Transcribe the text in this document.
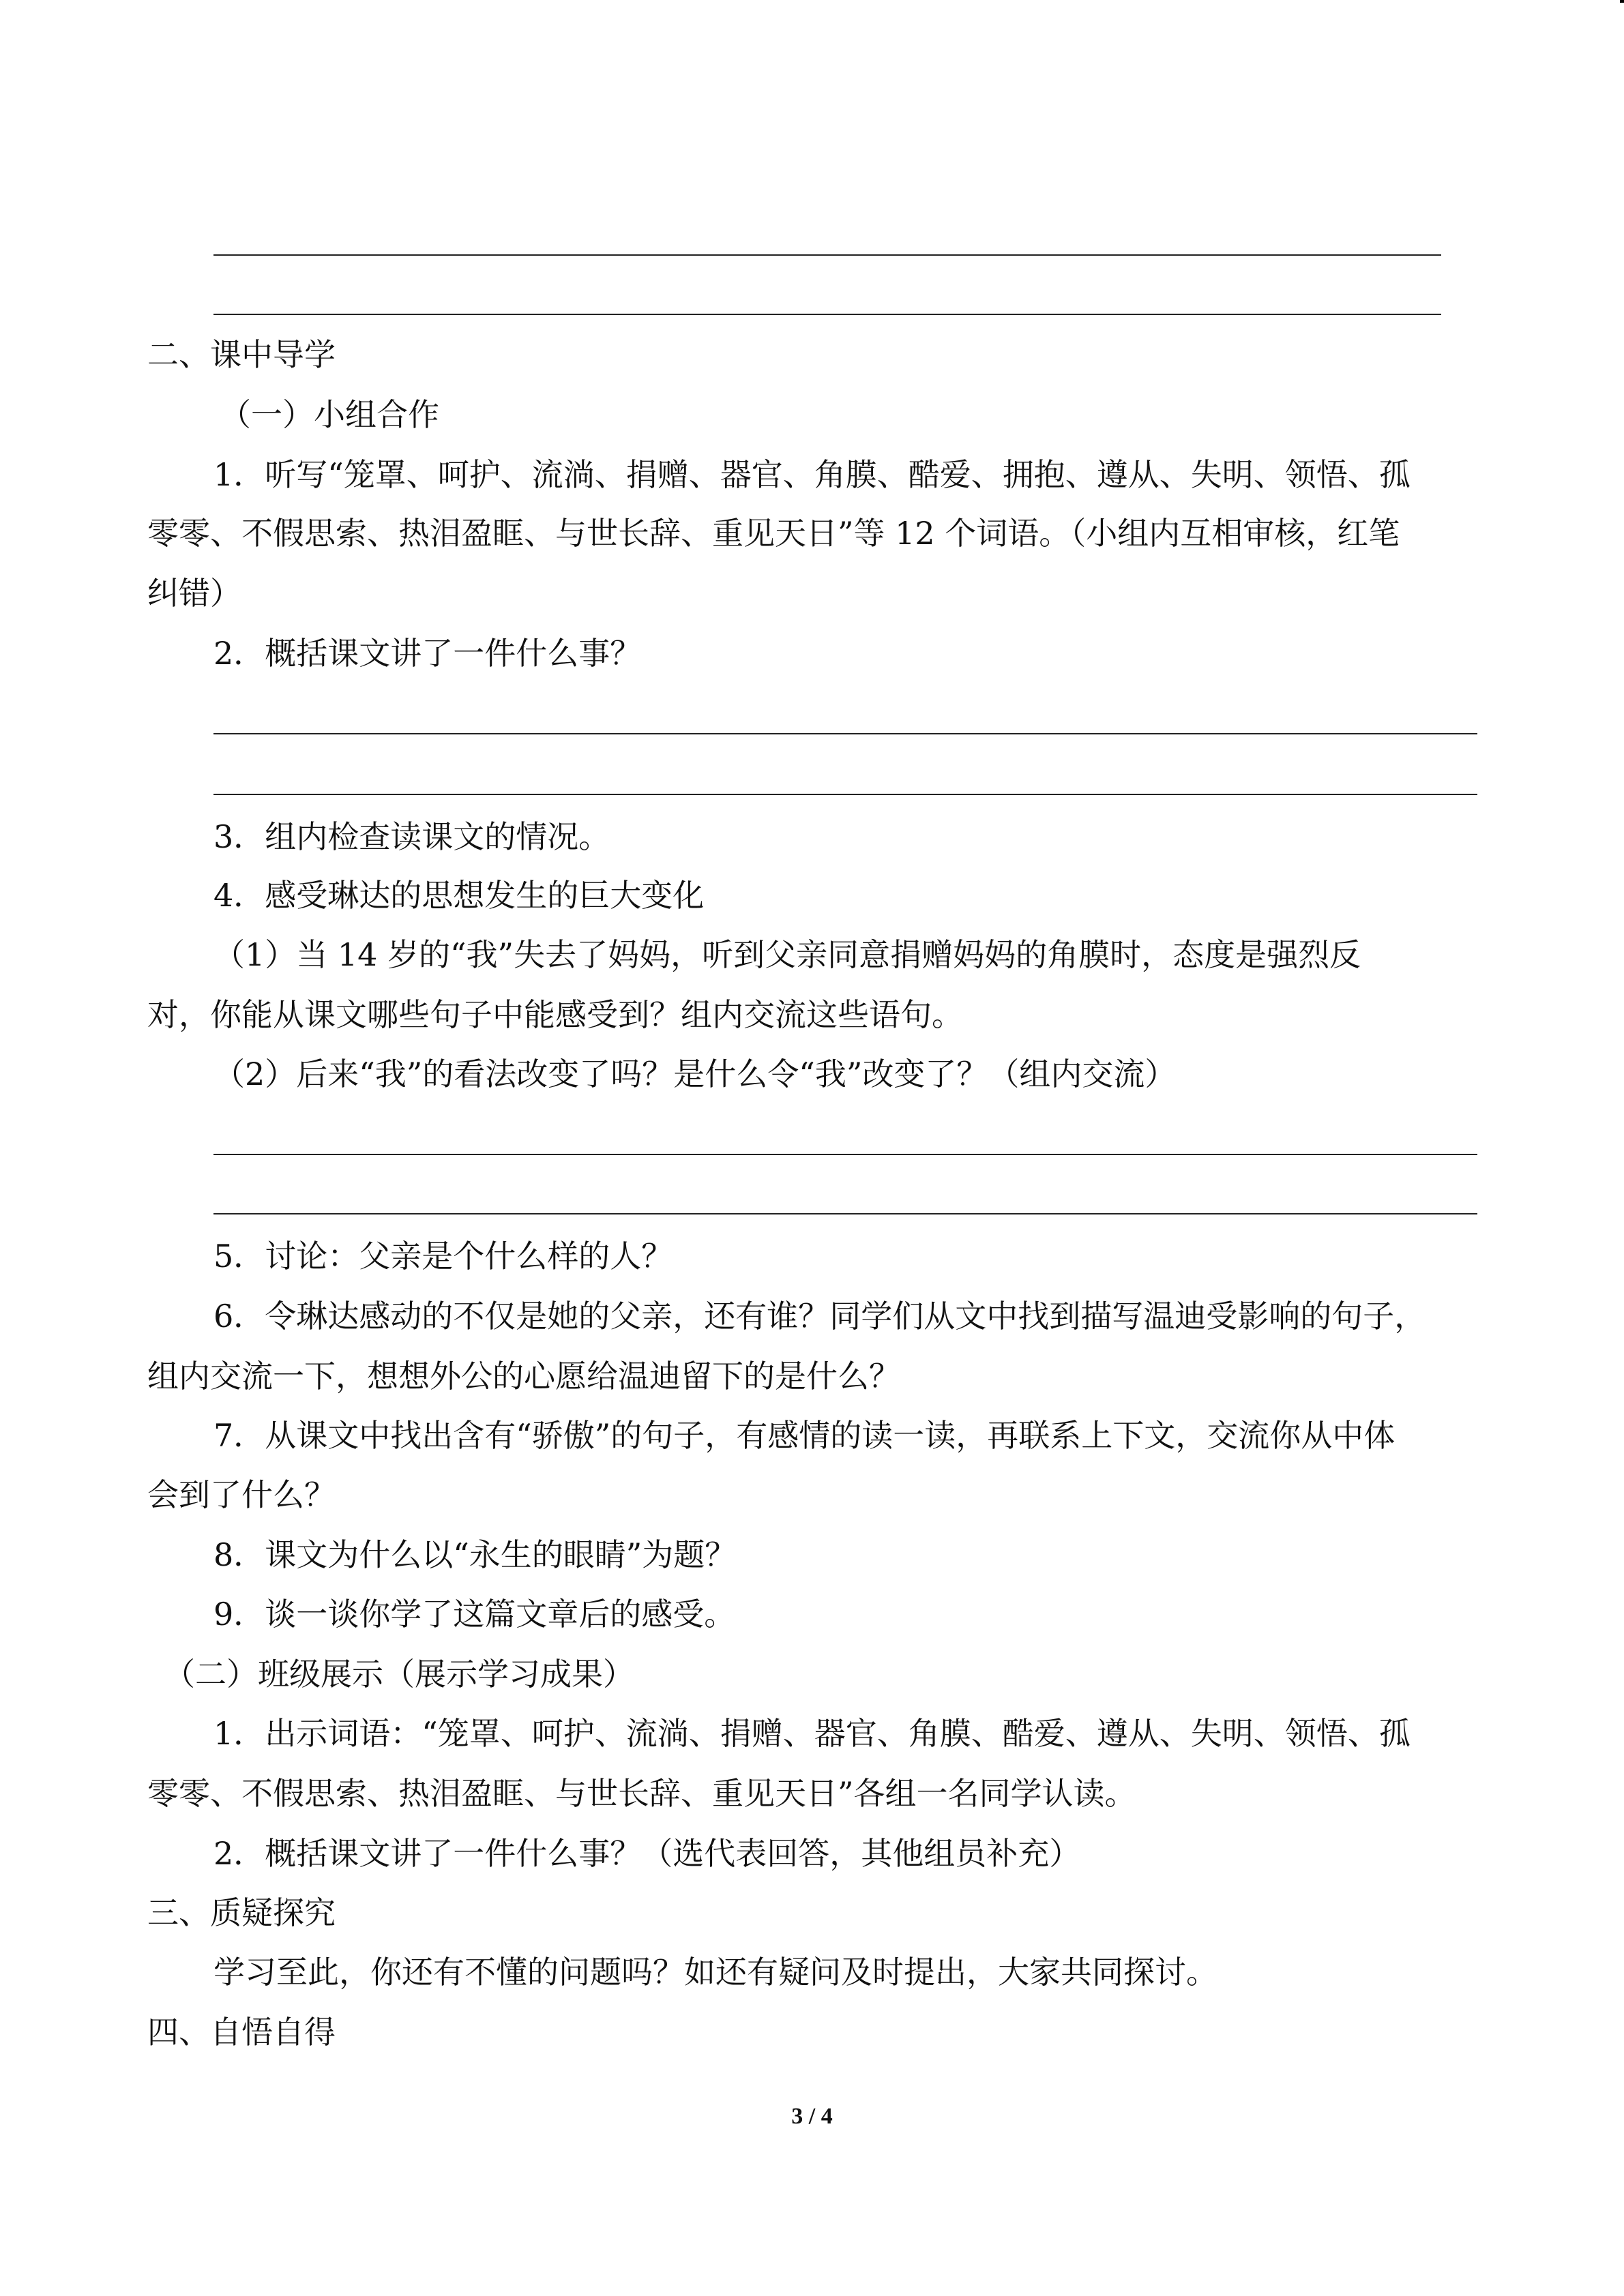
二、课中导学
（一）小组合作
1．听写“笼罩、呵护、流淌、捐赠、器官、角膜、酷爱、拥抱、遵从、失明、领悟、孤
零零、不假思索、热泪盈眶、与世长辞、重见天日”等 12 个词语。（小组内互相审核，红笔
纠错）
2．概括课文讲了一件什么事？
3．组内检查读课文的情况。
4．感受琳达的思想发生的巨大变化
（1）当 14 岁的“我”失去了妈妈，听到父亲同意捐赠妈妈的角膜时，态度是强烈反
对，你能从课文哪些句子中能感受到？组内交流这些语句。
（2）后来“我”的看法改变了吗？是什么令“我”改变了？（组内交流）
5．讨论：父亲是个什么样的人？
6．令琳达感动的不仅是她的父亲，还有谁？同学们从文中找到描写温迪受影响的句子，
组内交流一下，想想外公的心愿给温迪留下的是什么？
7．从课文中找出含有“骄傲”的句子，有感情的读一读，再联系上下文，交流你从中体
会到了什么？
8．课文为什么以“永生的眼睛”为题？
9．谈一谈你学了这篇文章后的感受。
（二）班级展示（展示学习成果）
1．出示词语：“笼罩、呵护、流淌、捐赠、器官、角膜、酷爱、遵从、失明、领悟、孤
零零、不假思索、热泪盈眶、与世长辞、重见天日”各组一名同学认读。
2．概括课文讲了一件什么事？（选代表回答，其他组员补充）
三、质疑探究
学习至此，你还有不懂的问题吗？如还有疑问及时提出，大家共同探讨。
四、自悟自得
3 / 4
